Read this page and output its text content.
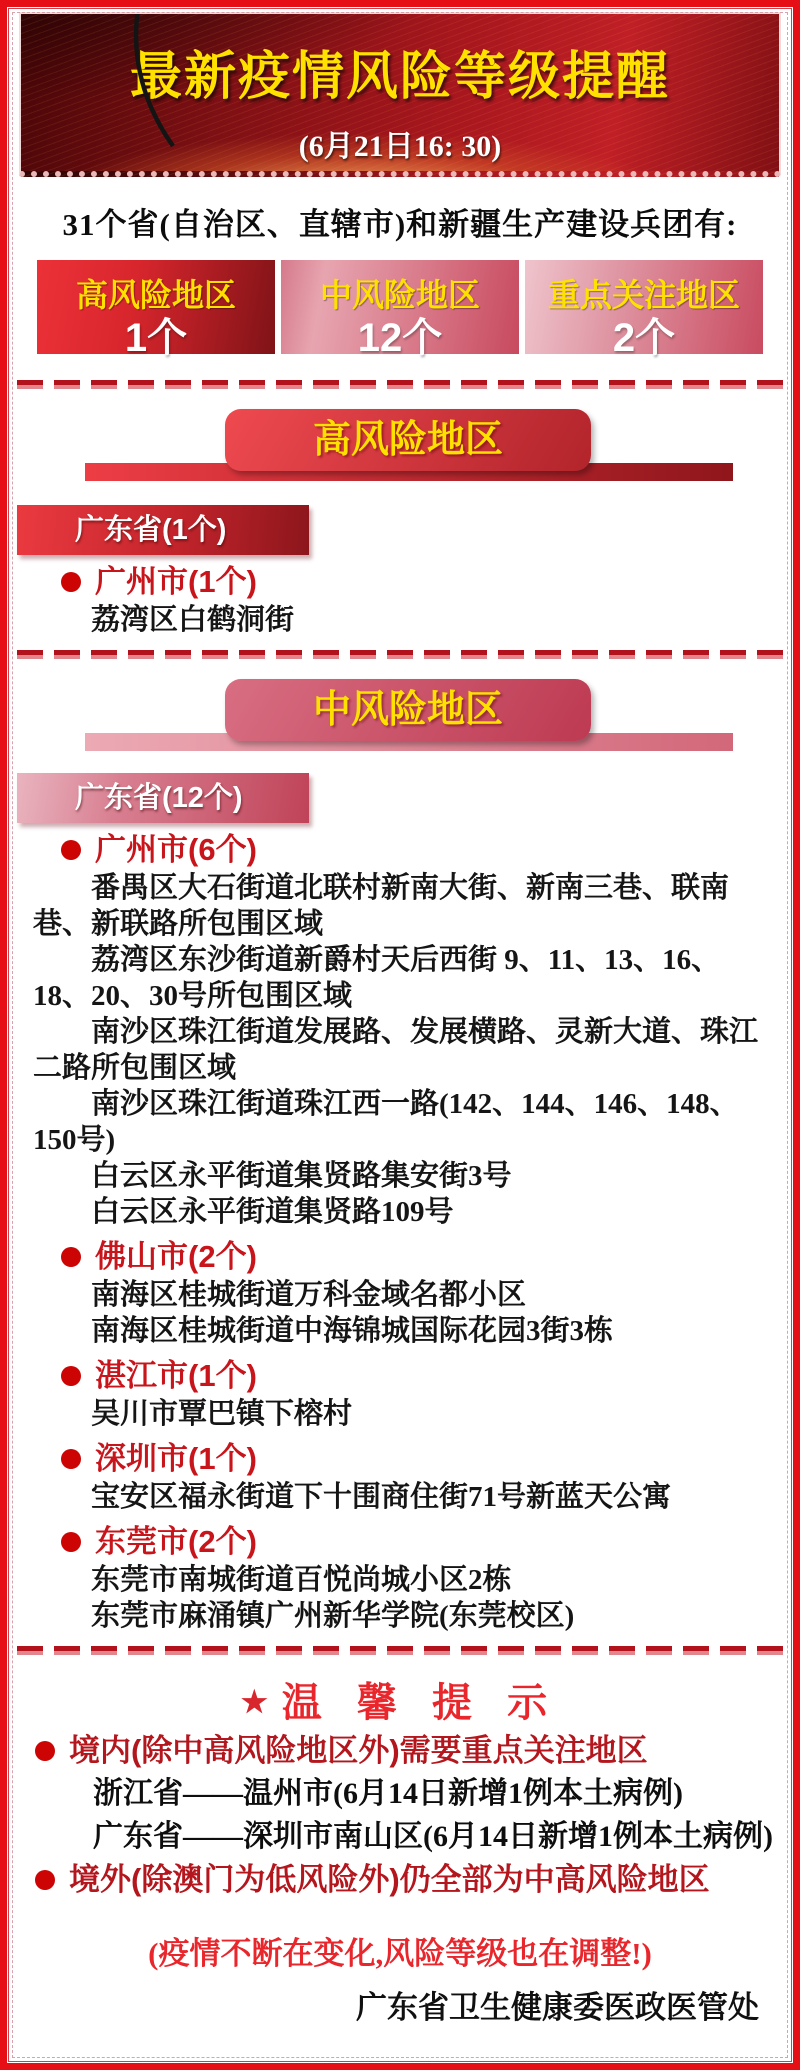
最新疫情风险等级提醒
(6月21日16: 30)
31个省(自治区、直辖市)和新疆生产建设兵团有:
高风险地区
1个
中风险地区
12个
重点关注地区
2个
高风险地区
广东省(1个)
广州市(1个)

荔湾区白鹤洞街

中风险地区
广东省(12个)
广州市(6个)

番禺区大石街道北联村新南大街、新南三巷、联南巷、新联路所包围区域

荔湾区东沙街道新爵村天后西街 9、11、13、16、 18、20、30号所包围区域

南沙区珠江街道发展路、发展横路、灵新大道、珠江二路所包围区域

南沙区珠江街道珠江西一路(142、144、146、148、150号)

白云区永平街道集贤路集安街3号

白云区永平街道集贤路109号

佛山市(2个)

南海区桂城街道万科金域名都小区

南海区桂城街道中海锦城国际花园3街3栋

湛江市(1个)

吴川市覃巴镇下榕村

深圳市(1个)

宝安区福永街道下十围商住街71号新蓝天公寓

东莞市(2个)

东莞市南城街道百悦尚城小区2栋

东莞市麻涌镇广州新华学院(东莞校区)

★ 温 馨 提 示
境内(除中高风险地区外)需要重点关注地区

浙江省——温州市(6月14日新增1例本土病例)

广东省——深圳市南山区(6月14日新增1例本土病例)

境外(除澳门为低风险外)仍全部为中高风险地区
(疫情不断在变化,风险等级也在调整!)
广东省卫生健康委医政医管处
